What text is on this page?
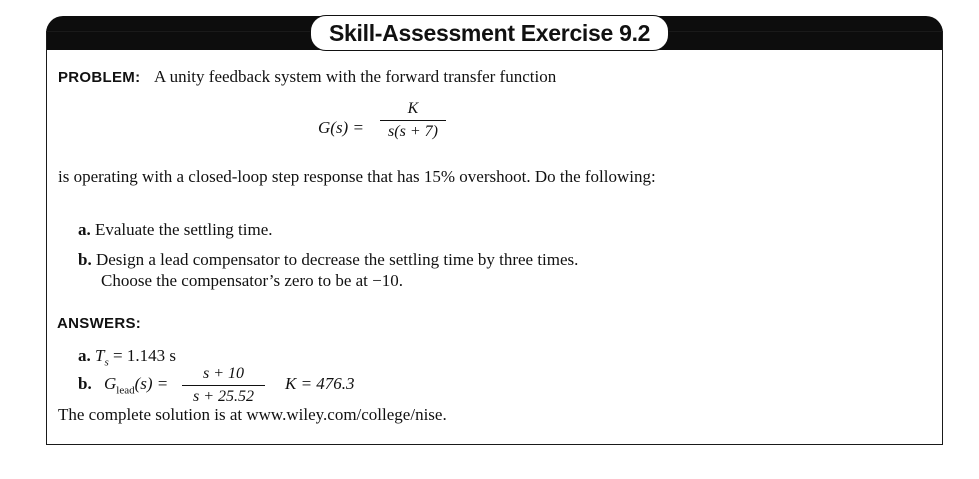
Skill-Assessment Exercise 9.2
PROBLEM: A unity feedback system with the forward transfer function
G(s) =
K
s(s + 7)
is operating with a closed-loop step response that has 15% overshoot. Do the following:
a. Evaluate the settling time.
b. Design a lead compensator to decrease the settling time by three times.
Choose the compensator’s zero to be at −10.
ANSWERS:
a. $T_s = 1.143$ s
b. $G_{lead}(s)$ =
s + 10
s + 25.52
K = 476.3
The complete solution is at www.wiley.com/college/nise.
